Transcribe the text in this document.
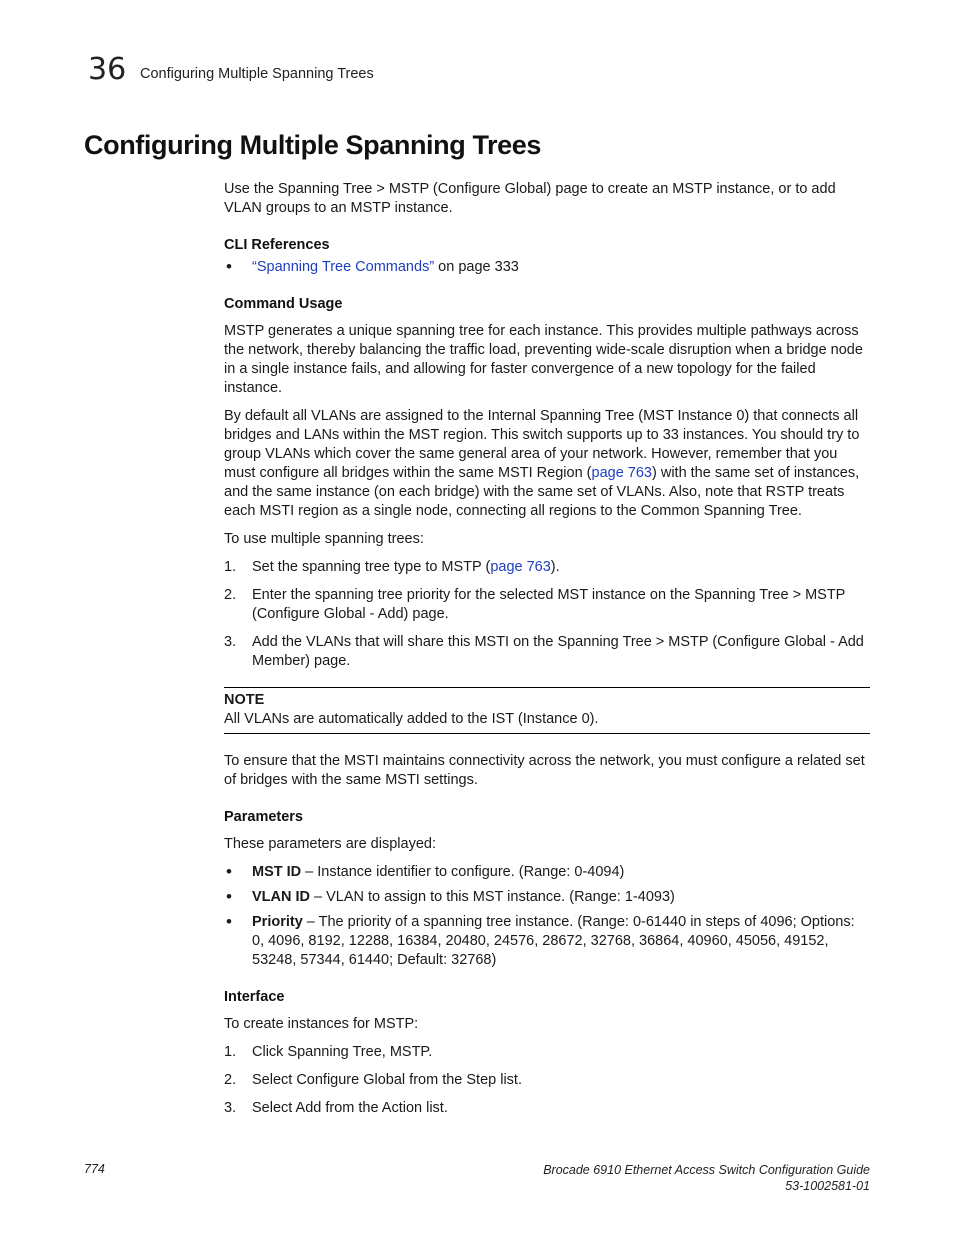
36 Configuring Multiple Spanning Trees
Configuring Multiple Spanning Trees

Use the Spanning Tree > MSTP (Configure Global) page to create an MSTP instance, or to add VLAN groups to an MSTP instance.

CLI References
• “Spanning Tree Commands” on page 333
Command Usage

MSTP generates a unique spanning tree for each instance. This provides multiple pathways across the network, thereby balancing the traffic load, preventing wide-scale disruption when a bridge node in a single instance fails, and allowing for faster convergence of a new topology for the failed instance.

By default all VLANs are assigned to the Internal Spanning Tree (MST Instance 0) that connects all bridges and LANs within the MST region. This switch supports up to 33 instances. You should try to group VLANs which cover the same general area of your network. However, remember that you must configure all bridges within the same MSTI Region (page 763) with the same set of instances, and the same instance (on each bridge) with the same set of VLANs. Also, note that RSTP treats each MSTI region as a single node, connecting all regions to the Common Spanning Tree.

To use multiple spanning trees:

1. Set the spanning tree type to MSTP (page 763).
2. Enter the spanning tree priority for the selected MST instance on the Spanning Tree > MSTP (Configure Global - Add) page.
3. Add the VLANs that will share this MSTI on the Spanning Tree > MSTP (Configure Global - Add Member) page.
NOTE
All VLANs are automatically added to the IST (Instance 0).

To ensure that the MSTI maintains connectivity across the network, you must configure a related set of bridges with the same MSTI settings.

Parameters

These parameters are displayed:

• MST ID – Instance identifier to configure. (Range: 0-4094)
• VLAN ID – VLAN to assign to this MST instance. (Range: 1-4093)
• Priority – The priority of a spanning tree instance. (Range: 0-61440 in steps of 4096; Options: 0, 4096, 8192, 12288, 16384, 20480, 24576, 28672, 32768, 36864, 40960, 45056, 49152, 53248, 57344, 61440; Default: 32768)
Interface

To create instances for MSTP:

1. Click Spanning Tree, MSTP.
2. Select Configure Global from the Step list.
3. Select Add from the Action list.
774	Brocade 6910 Ethernet Access Switch Configuration Guide
53-1002581-01
